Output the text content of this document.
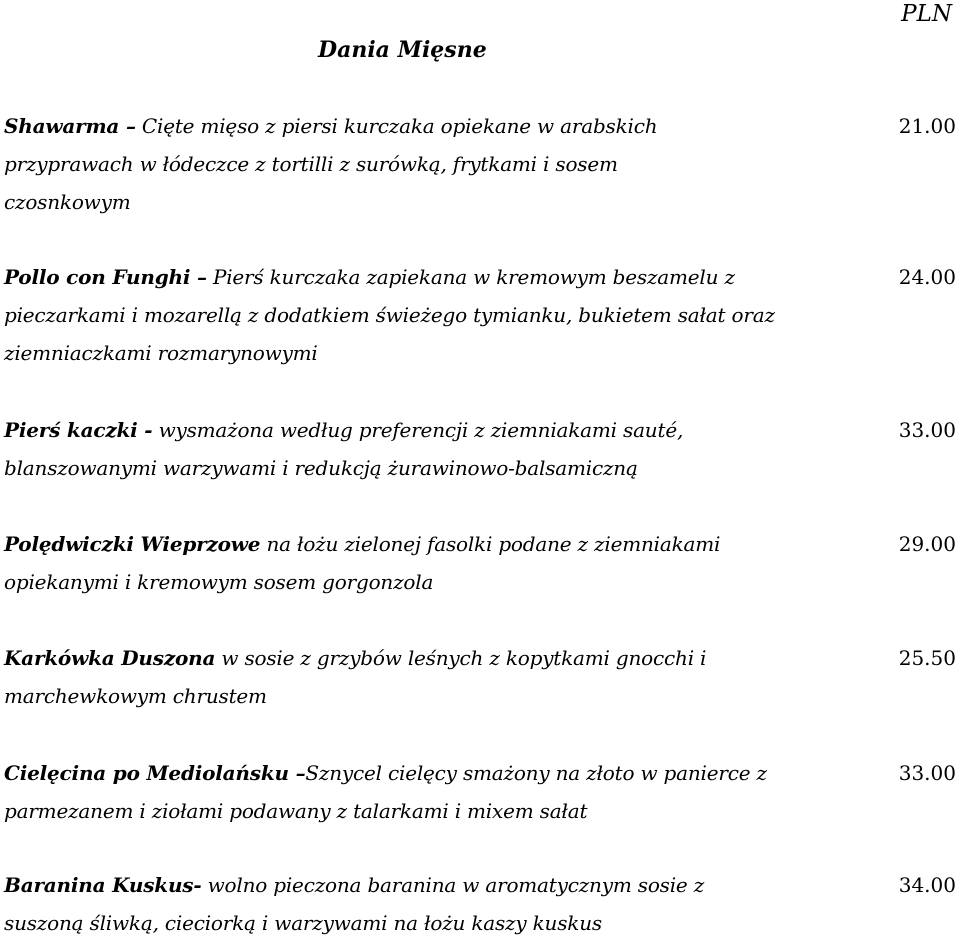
PLN
Dania Mięsne
Shawarma – Cięte mięso z piersi kurczaka opiekane w arabskich przyprawach w łódeczce z tortilli z surówką, frytkami i sosem czosnkowym
21.00
Pollo con Funghi – Pierś kurczaka zapiekana w kremowym beszamelu z pieczarkami i mozarellą z dodatkiem świeżego tymianku, bukietem sałat oraz ziemniaczkami rozmarynowymi
24.00
Pierś kaczki - wysmażona według preferencji z ziemniakami sauté, blanszowanymi warzywami i redukcją żurawinowo-balsamiczną
33.00
Polędwiczki Wieprzowe na łożu zielonej fasolki podane z ziemniakami opiekanymi i kremowym sosem gorgonzola
29.00
Karkówka Duszona w sosie z grzybów leśnych z kopytkami gnocchi i marchewkowym chrustem
25.50
Cielęcina po Mediolańsku –Sznycel cielęcy smażony na złoto w panierce z parmezanem i ziołami podawany z talarkami i mixem sałat
33.00
Baranina Kuskus- wolno pieczona baranina w aromatycznym sosie z suszoną śliwką, cieciorką i warzywami na łożu kaszy kuskus
34.00
